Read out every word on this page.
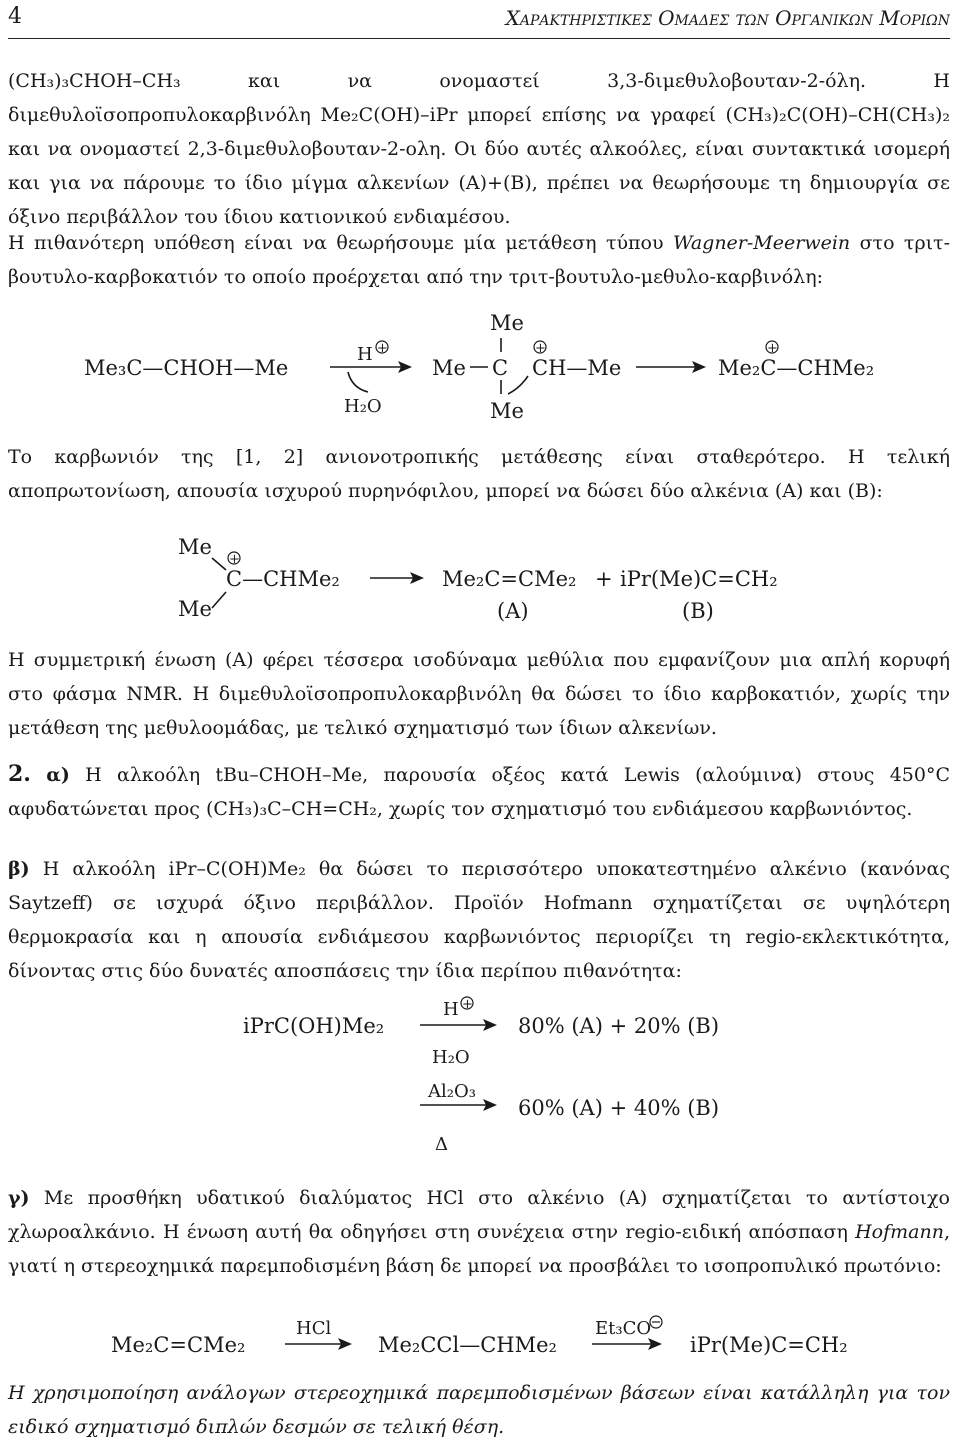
4	Χαρακτηριστικες Ομαδες των Οργανικων Μοριων
(CH₃)₃CHOH–CH₃ και να ονομαστεί 3,3-διμεθυλοβουταν-2-όλη. Η διμεθυλοϊσοπροπυλοκαρβινόλη Me₂C(OH)–iPr μπορεί επίσης να γραφεί (CH₃)₂C(OH)–CH(CH₃)₂ και να ονομαστεί 2,3-διμεθυλοβουταν-2-ολη. Οι δύο αυτές αλκοόλες, είναι συντακτικά ισομερή και για να πάρουμε το ίδιο μίγμα αλκενίων (A)+(B), πρέπει να θεωρήσουμε τη δημιουργία σε όξινο περιβάλλον του ίδιου κατιονικού ενδιαμέσου.
Η πιθανότερη υπόθεση είναι να θεωρήσουμε μία μετάθεση τύπου Wagner-Meerwein στο τριτ-βουτυλο-καρβοκατιόν το οποίο προέρχεται από την τριτ-βουτυλο-μεθυλο-καρβινόλη:
Me₃C—CHOH—Me
H +
H₂O
Me
Me C
+
CH—Me
Me
+
Me₂C—CHMe₂
Το καρβωνιόν της [1, 2] ανιονοτροπικής μετάθεσης είναι σταθερότερο. Η τελική αποπρωτονίωση, απουσία ισχυρού πυρηνόφιλου, μπορεί να δώσει δύο αλκένια (A) και (B):
Me
+
C—CHMe₂
Me
Me₂C=CMe₂ + iPr(Me)C=CH₂
(A)	(B)
Η συμμετρική ένωση (A) φέρει τέσσερα ισοδύναμα μεθύλια που εμφανίζουν μια απλή κορυφή στο φάσμα NMR. Η διμεθυλοϊσοπροπυλοκαρβινόλη θα δώσει το ίδιο καρβοκατιόν, χωρίς την μετάθεση της μεθυλοομάδας, με τελικό σχηματισμό των ίδιων αλκενίων.
2. α) Η αλκοόλη tBu–CHOH–Me, παρουσία οξέος κατά Lewis (αλούμινα) στους 450°C αφυδατώνεται προς (CH₃)₃C–CH=CH₂, χωρίς τον σχηματισμό του ενδιάμεσου καρβωνιόντος.
β) Η αλκοόλη iPr–C(OH)Me₂ θα δώσει το περισσότερο υποκατεστημένο αλκένιο (κανόνας Saytzeff) σε ισχυρά όξινο περιβάλλον. Προϊόν Hofmann σχηματίζεται σε υψηλότερη θερμοκρασία και η απουσία ενδιάμεσου καρβωνιόντος περιορίζει τη regio-εκλεκτικότητα, δίνοντας στις δύο δυνατές αποσπάσεις την ίδια περίπου πιθανότητα:
iPrC(OH)Me₂
H +
H₂O
80% (A) + 20% (B)
Al₂O₃
Δ
60% (A) + 40% (B)
γ) Με προσθήκη υδατικού διαλύματος HCl στο αλκένιο (A) σχηματίζεται το αντίστοιχο χλωροαλκάνιο. Η ένωση αυτή θα οδηγήσει στη συνέχεια στην regio-ειδική απόσπαση Hofmann, γιατί η στερεοχημικά παρεμποδισμένη βάση δε μπορεί να προσβάλει το ισοπροπυλικό πρωτόνιο:
Me₂C=CMe₂
HCl
Me₂CCl—CHMe₂
Et₃CO
iPr(Me)C=CH₂
Η χρησιμοποίηση ανάλογων στερεοχημικά παρεμποδισμένων βάσεων είναι κατάλληλη για τον ειδικό σχηματισμό διπλών δεσμών σε τελική θέση.
